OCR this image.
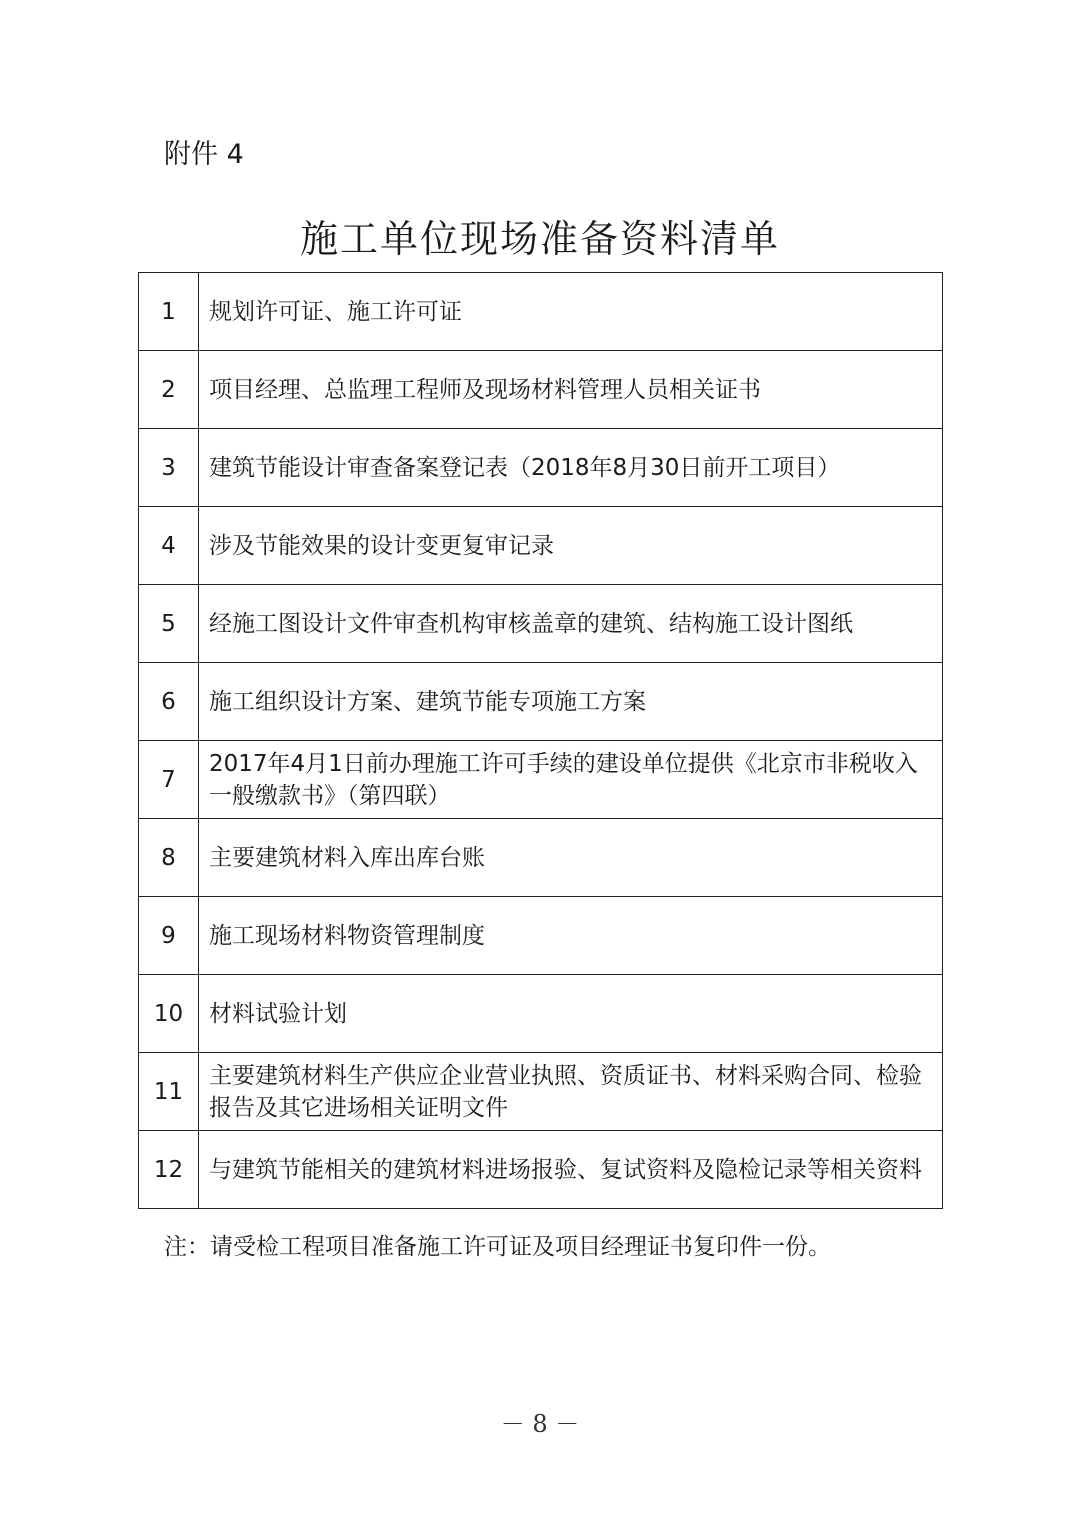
附件 4
施工单位现场准备资料清单
1	规划许可证、施工许可证
2	项目经理、总监理工程师及现场材料管理人员相关证书
3	建筑节能设计审查备案登记表（2018年8月30日前开工项目）
4	涉及节能效果的设计变更复审记录
5	经施工图设计文件审查机构审核盖章的建筑、结构施工设计图纸
6	施工组织设计方案、建筑节能专项施工方案
7	2017年4月1日前办理施工许可手续的建设单位提供《北京市非税收入一般缴款书》（第四联）
8	主要建筑材料入库出库台账
9	施工现场材料物资管理制度
10	材料试验计划
11	主要建筑材料生产供应企业营业执照、资质证书、材料采购合同、检验报告及其它进场相关证明文件
12	与建筑节能相关的建筑材料进场报验、复试资料及隐检记录等相关资料
注：请受检工程项目准备施工许可证及项目经理证书复印件一份。
－ 8 －
